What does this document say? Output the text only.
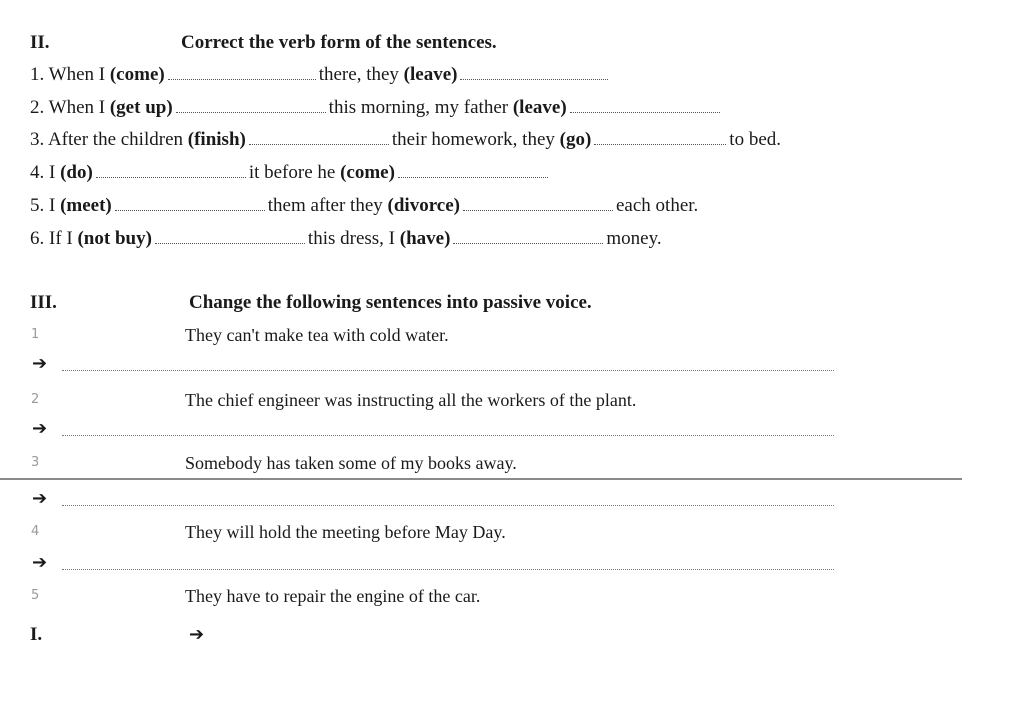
II.	Correct the verb form of the sentences.
1. When I (come)	there, they (leave)
2. When I (get up)	this morning, my father (leave)
3. After the children (finish)	their homework, they (go)	to bed.
4. I (do)	it before he (come)
5. I (meet)	them after they (divorce)	each other.
6. If I (not buy)	this dress, I (have)	money.
III.	Change the following sentences into passive voice.
1	They can't make tea with cold water.
➔
2	The chief engineer was instructing all the workers of the plant.
➔
3	Somebody has taken some of my books away.
➔
4	They will hold the meeting before May Day.
➔
5	They have to repair the engine of the car.
I.	➔
